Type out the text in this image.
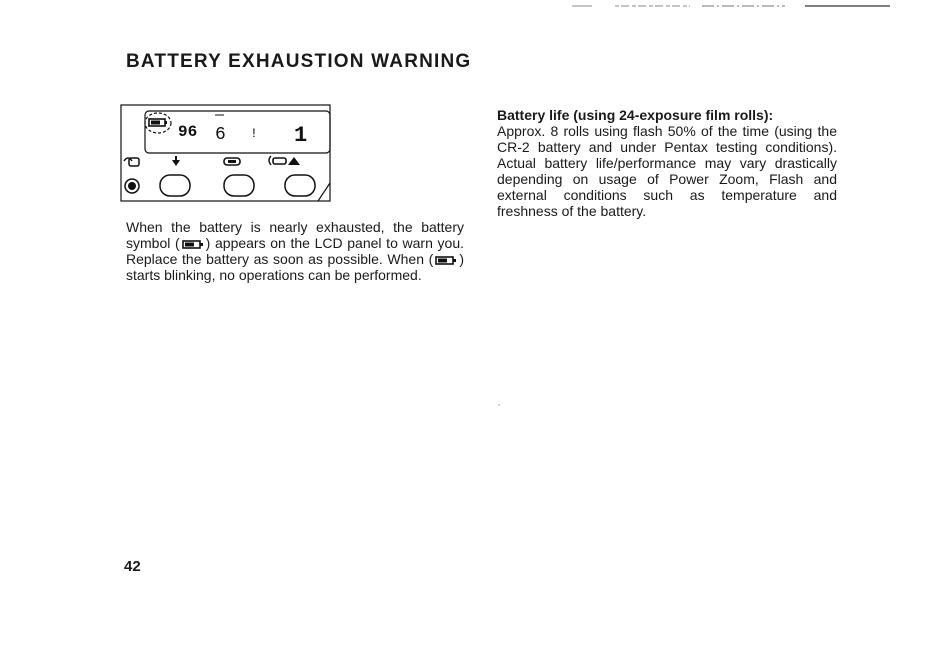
BATTERY EXHAUSTION WARNING
96 6 ! 1

When the battery is nearly exhausted, the battery symbol ( ) appears on the LCD panel to warn you. Replace the battery as soon as possible. When ( ) starts blinking, no operations can be performed.

Battery life (using 24-exposure film rolls):
Approx. 8 rolls using flash 50% of the time (using the CR-2 battery and under Pentax testing conditions). Actual battery life/performance may vary drastically depending on usage of Power Zoom, Flash and external conditions such as temperature and freshness of the battery.

42
